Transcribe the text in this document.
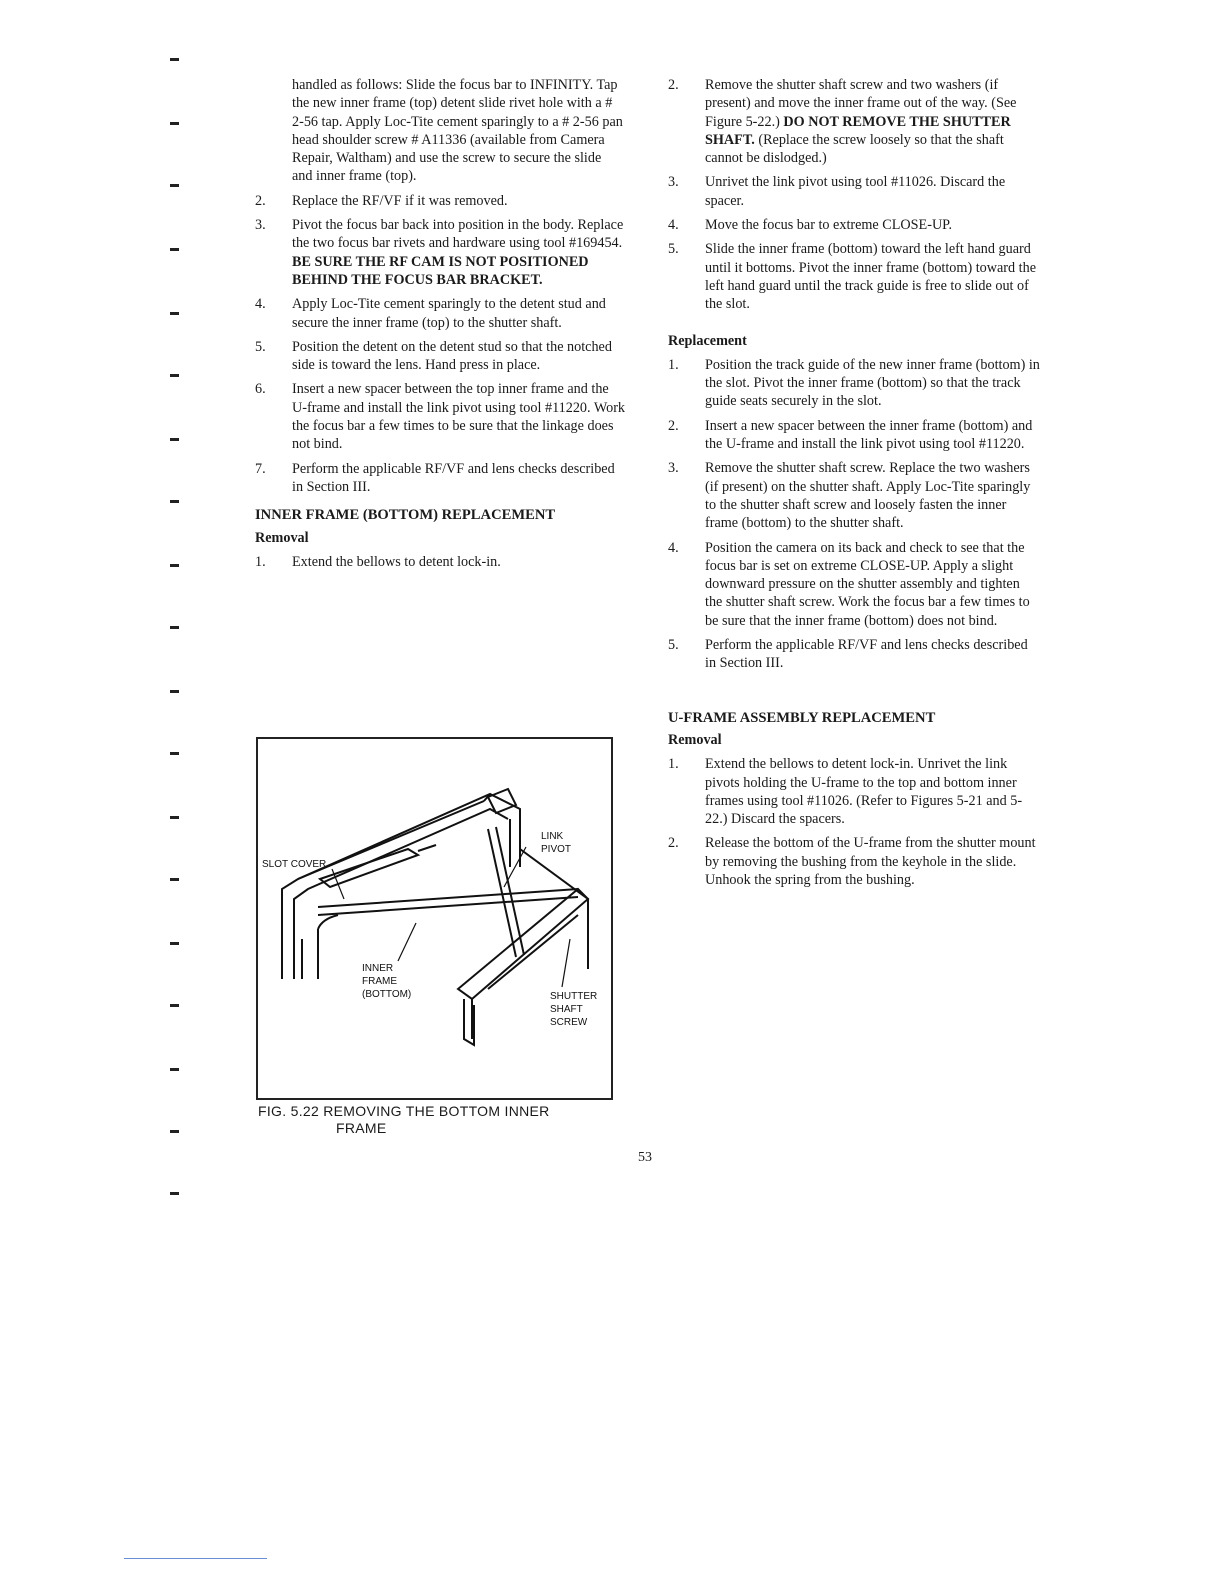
handled as follows: Slide the focus bar to INFINITY. Tap the new inner frame (top) detent slide rivet hole with a # 2-56 tap. Apply Loc-Tite cement sparingly to a # 2-56 pan head shoulder screw # A11336 (available from Camera Repair, Waltham) and use the screw to secure the slide and inner frame (top).

2. Replace the RF/VF if it was removed.
3. Pivot the focus bar back into position in the body. Replace the two focus bar rivets and hardware using tool #169454. BE SURE THE RF CAM IS NOT POSITIONED BEHIND THE FOCUS BAR BRACKET.
4. Apply Loc-Tite cement sparingly to the detent stud and secure the inner frame (top) to the shutter shaft.
5. Position the detent on the detent stud so that the notched side is toward the lens. Hand press in place.
6. Insert a new spacer between the top inner frame and the U-frame and install the link pivot using tool #11220. Work the focus bar a few times to be sure that the linkage does not bind.
7. Perform the applicable RF/VF and lens checks described in Section III.
INNER FRAME (BOTTOM) REPLACEMENT
Removal
1. Extend the bellows to detent lock-in.
LINK
PIVOT
SLOT COVER
INNER
FRAME
(BOTTOM)	SHUTTER
SHAFT
SCREW
FIG. 5.22 REMOVING THE BOTTOM INNER
FRAME
2. Remove the shutter shaft screw and two washers (if present) and move the inner frame out of the way. (See Figure 5-22.) DO NOT REMOVE THE SHUTTER SHAFT. (Replace the screw loosely so that the shaft cannot be dislodged.)
3. Unrivet the link pivot using tool #11026. Discard the spacer.
4. Move the focus bar to extreme CLOSE-UP.
5. Slide the inner frame (bottom) toward the left hand guard until it bottoms. Pivot the inner frame (bottom) toward the left hand guard until the track guide is free to slide out of the slot.
Replacement
1. Position the track guide of the new inner frame (bottom) in the slot. Pivot the inner frame (bottom) so that the track guide seats securely in the slot.
2. Insert a new spacer between the inner frame (bottom) and the U-frame and install the link pivot using tool #11220.
3. Remove the shutter shaft screw. Replace the two washers (if present) on the shutter shaft. Apply Loc-Tite sparingly to the shutter shaft screw and loosely fasten the inner frame (bottom) to the shutter shaft.
4. Position the camera on its back and check to see that the focus bar is set on extreme CLOSE-UP. Apply a slight downward pressure on the shutter assembly and tighten the shutter shaft screw. Work the focus bar a few times to be sure that the inner frame (bottom) does not bind.
5. Perform the applicable RF/VF and lens checks described in Section III.
U-FRAME ASSEMBLY REPLACEMENT
Removal
1. Extend the bellows to detent lock-in. Unrivet the link pivots holding the U-frame to the top and bottom inner frames using tool #11026. (Refer to Figures 5-21 and 5-22.) Discard the spacers.
2. Release the bottom of the U-frame from the shutter mount by removing the bushing from the keyhole in the slide. Unhook the spring from the bushing.
53
